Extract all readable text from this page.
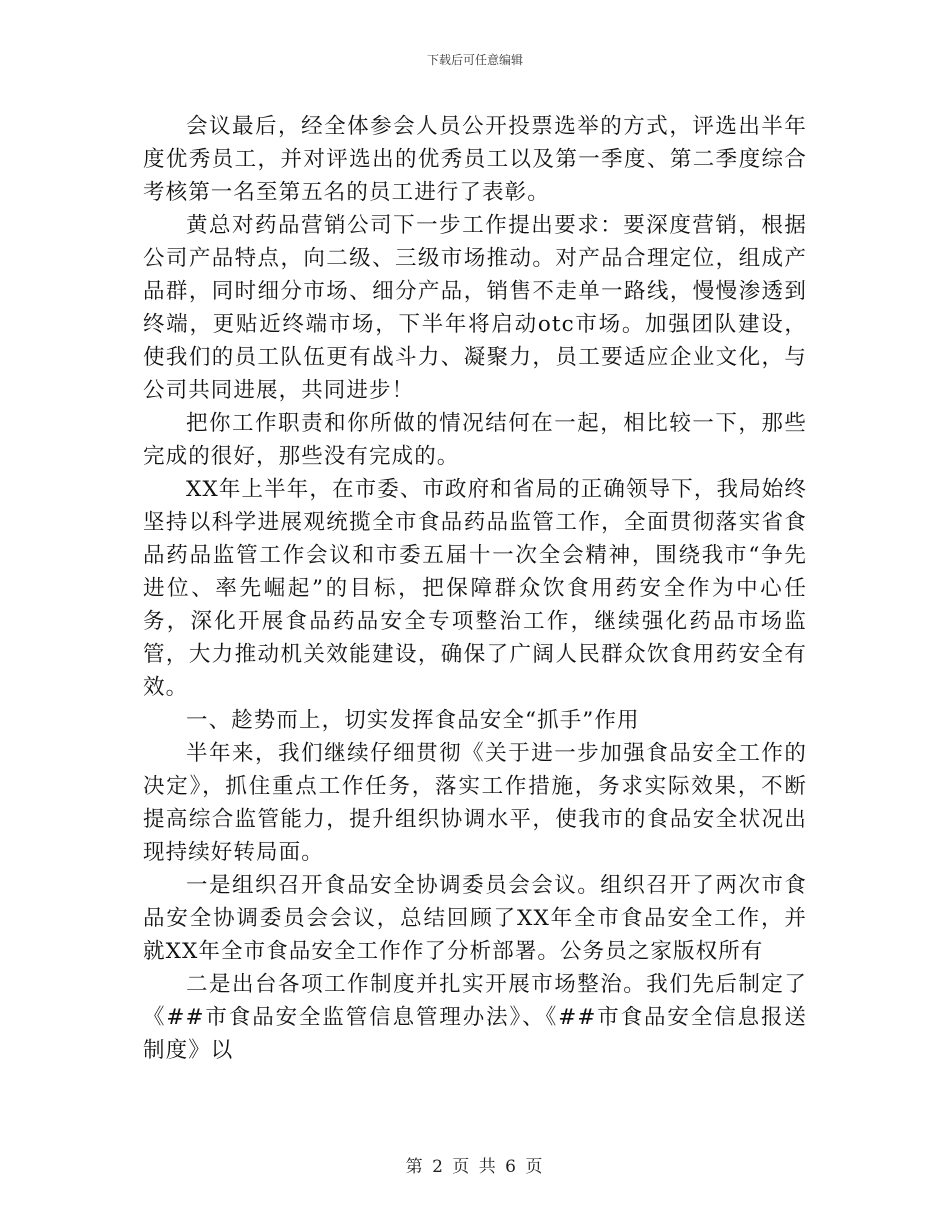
下载后可任意编辑

会议最后，经全体参会人员公开投票选举的方式，评选出半年度优秀员工，并对评选出的优秀员工以及第一季度、第二季度综合考核第一名至第五名的员工进行了表彰。

黄总对药品营销公司下一步工作提出要求：要深度营销，根据公司产品特点，向二级、三级市场推动。对产品合理定位，组成产品群，同时细分市场、细分产品，销售不走单一路线，慢慢渗透到终端，更贴近终端市场，下半年将启动otc市场。加强团队建设，使我们的员工队伍更有战斗力、凝聚力，员工要适应企业文化，与公司共同进展，共同进步！

把你工作职责和你所做的情况结何在一起，相比较一下，那些完成的很好，那些没有完成的。

XX年上半年，在市委、市政府和省局的正确领导下，我局始终坚持以科学进展观统揽全市食品药品监管工作，全面贯彻落实省食品药品监管工作会议和市委五届十一次全会精神，围绕我市“争先进位、率先崛起”的目标，把保障群众饮食用药安全作为中心任务，深化开展食品药品安全专项整治工作，继续强化药品市场监管，大力推动机关效能建设，确保了广阔人民群众饮食用药安全有效。

一、趁势而上，切实发挥食品安全“抓手”作用

半年来，我们继续仔细贯彻《关于进一步加强食品安全工作的决定》，抓住重点工作任务，落实工作措施，务求实际效果，不断提高综合监管能力，提升组织协调水平，使我市的食品安全状况出现持续好转局面。

一是组织召开食品安全协调委员会会议。组织召开了两次市食品安全协调委员会会议，总结回顾了XX年全市食品安全工作，并就XX年全市食品安全工作作了分析部署。公务员之家版权所有

二是出台各项工作制度并扎实开展市场整治。我们先后制定了《##市食品安全监管信息管理办法》、《##市食品安全信息报送制度》以

第 2 页 共 6 页
